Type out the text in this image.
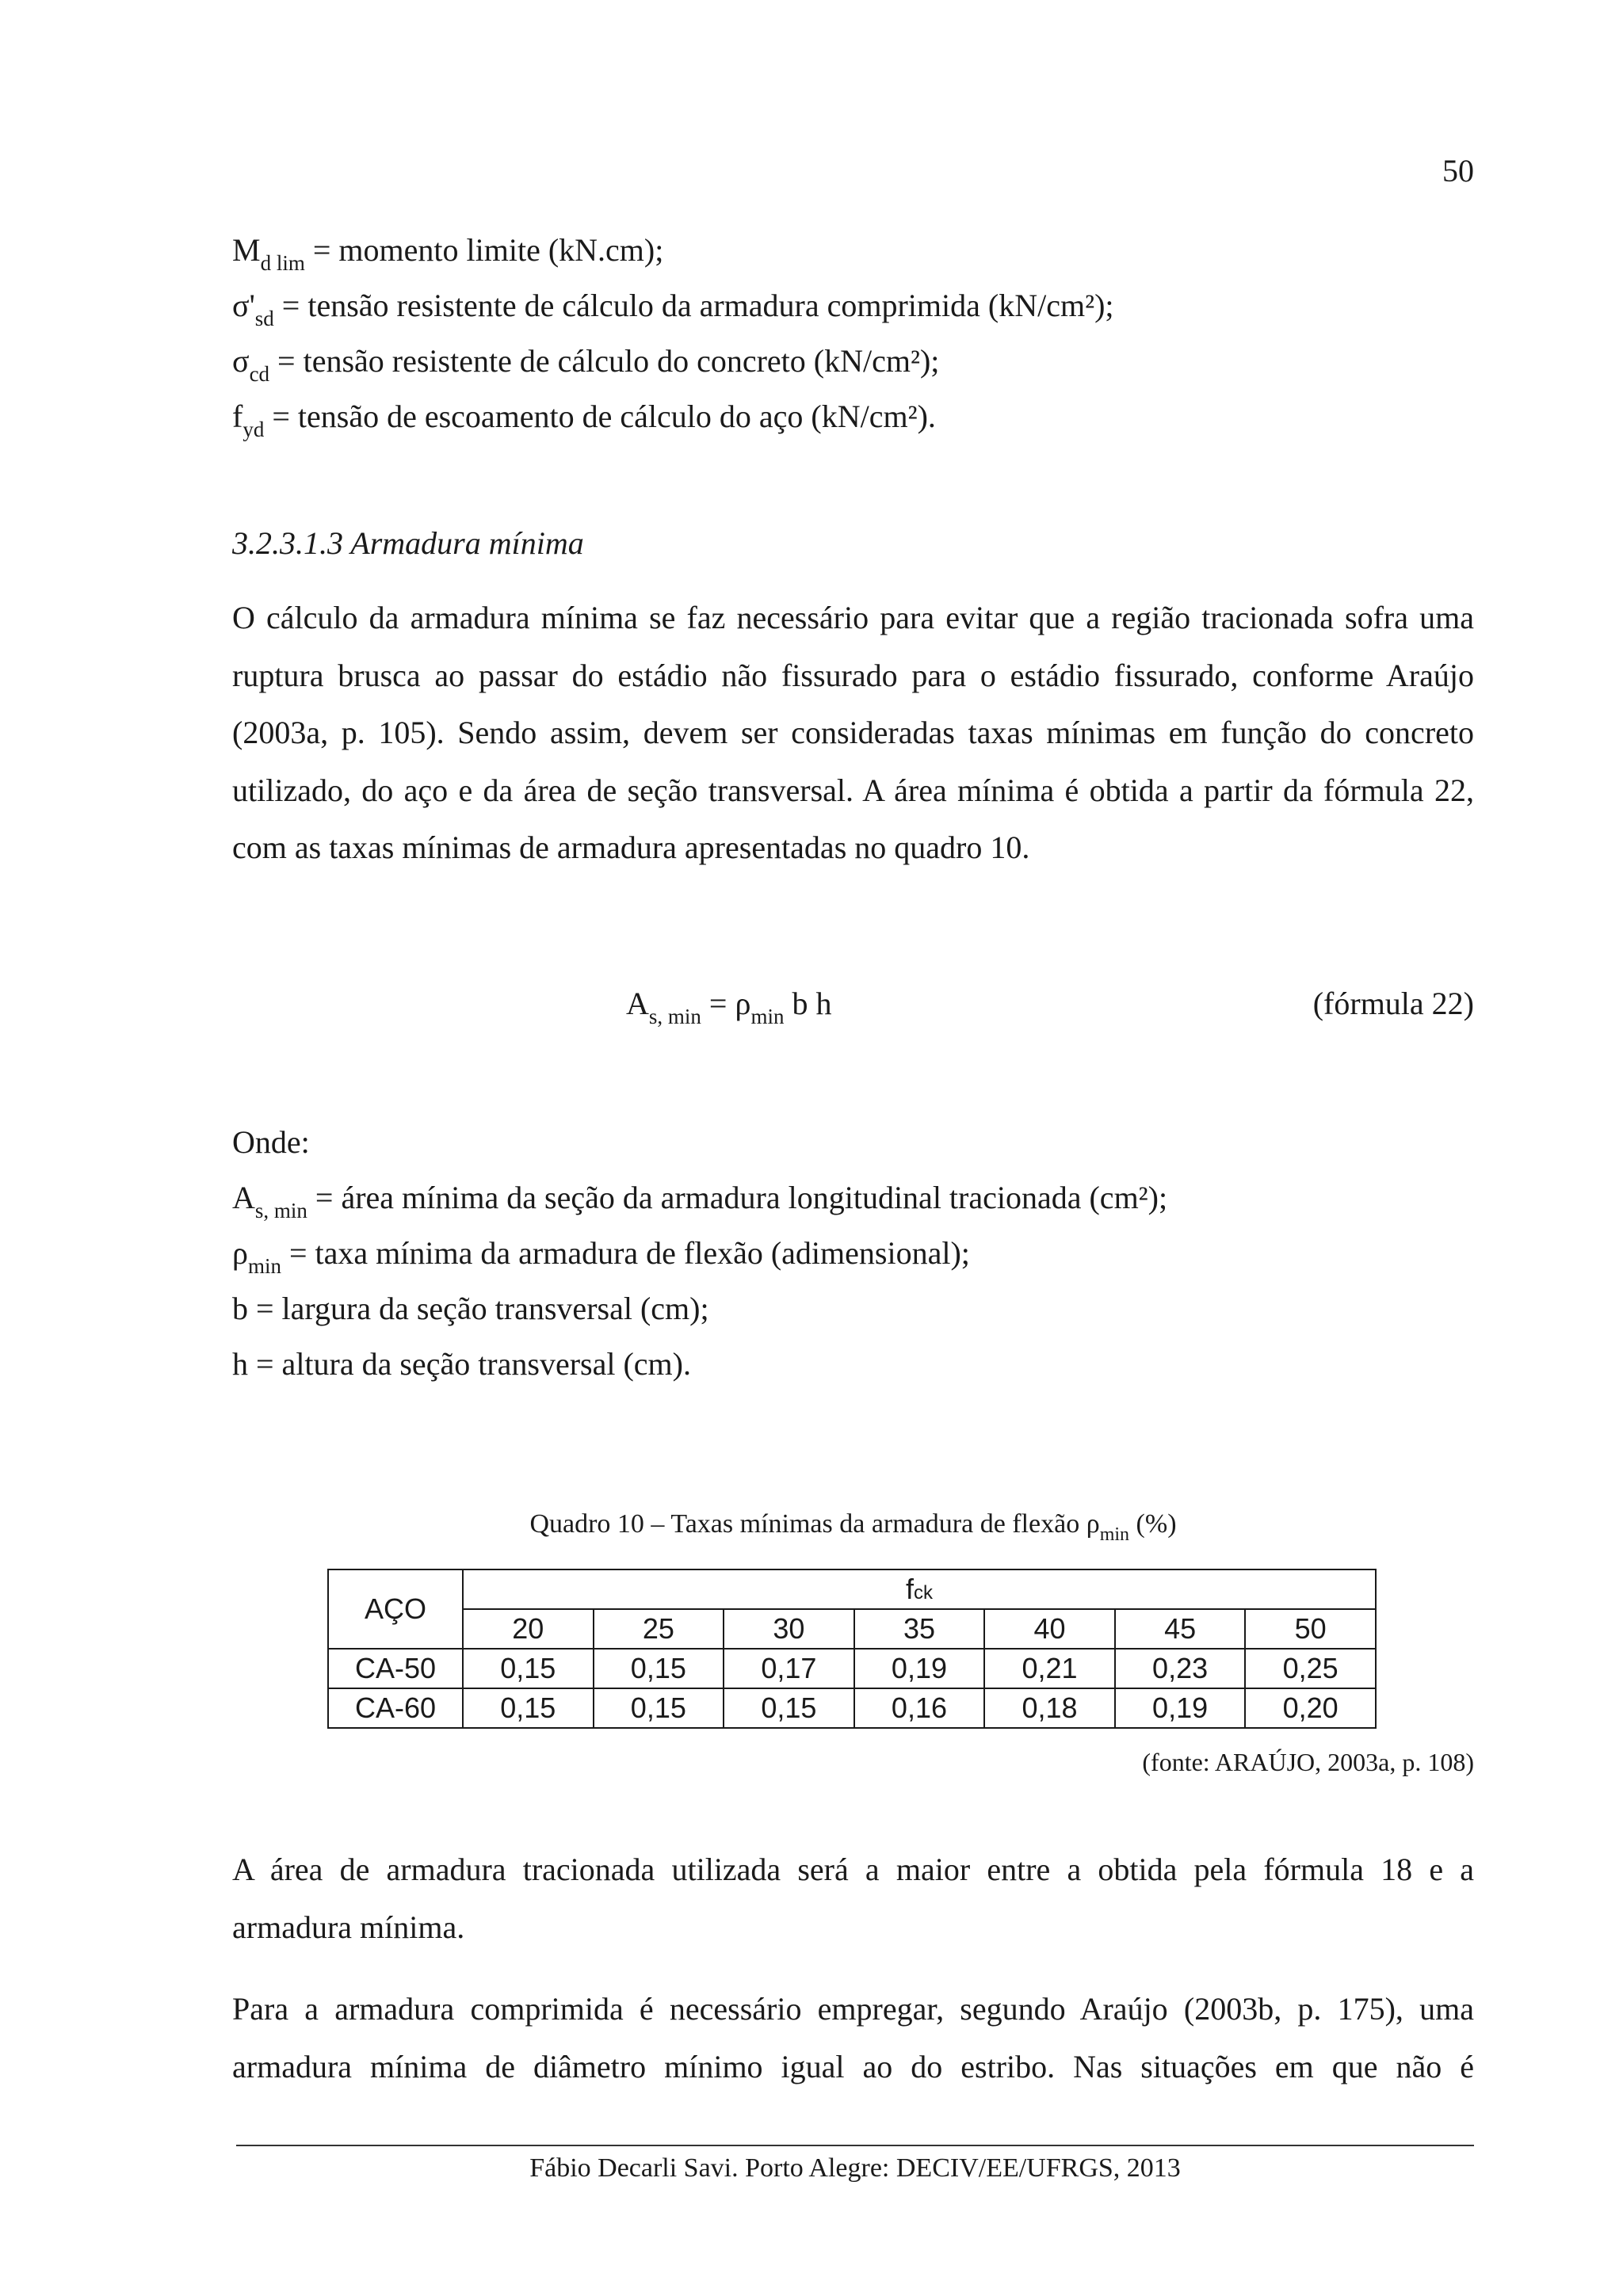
50
$M_{d lim}$ = momento limite (kN.cm);
$\sigma'_{sd}$ = tensão resistente de cálculo da armadura comprimida (kN/cm²);
$\sigma_{cd}$ = tensão resistente de cálculo do concreto (kN/cm²);
$f_{yd}$ = tensão de escoamento de cálculo do aço (kN/cm²).
3.2.3.1.3 Armadura mínima
O cálculo da armadura mínima se faz necessário para evitar que a região tracionada sofra uma
ruptura brusca ao passar do estádio não fissurado para o estádio fissurado, conforme Araújo
(2003a, p. 105). Sendo assim, devem ser consideradas taxas mínimas em função do concreto
utilizado, do aço e da área de seção transversal. A área mínima é obtida a partir da fórmula 22,
com as taxas mínimas de armadura apresentadas no quadro 10.
$A_{s, min} = \rho_{min}$ b h	(fórmula 22)
Onde:
$A_{s, min}$ = área mínima da seção da armadura longitudinal tracionada (cm²);
$\rho_{min}$ = taxa mínima da armadura de flexão (adimensional);
b = largura da seção transversal (cm);
h = altura da seção transversal (cm).
Quadro 10 – Taxas mínimas da armadura de flexão $\rho_{min}$ (%)
AÇO	fck						
	20	25	30	35	40	45	50
CA-50	0,15	0,15	0,17	0,19	0,21	0,23	0,25
CA-60	0,15	0,15	0,15	0,16	0,18	0,19	0,20
(fonte: ARAÚJO, 2003a, p. 108)
A área de armadura tracionada utilizada será a maior entre a obtida pela fórmula 18 e a
armadura mínima.
Para a armadura comprimida é necessário empregar, segundo Araújo (2003b, p. 175), uma
armadura mínima de diâmetro mínimo igual ao do estribo. Nas situações em que não é
Fábio Decarli Savi. Porto Alegre: DECIV/EE/UFRGS, 2013
